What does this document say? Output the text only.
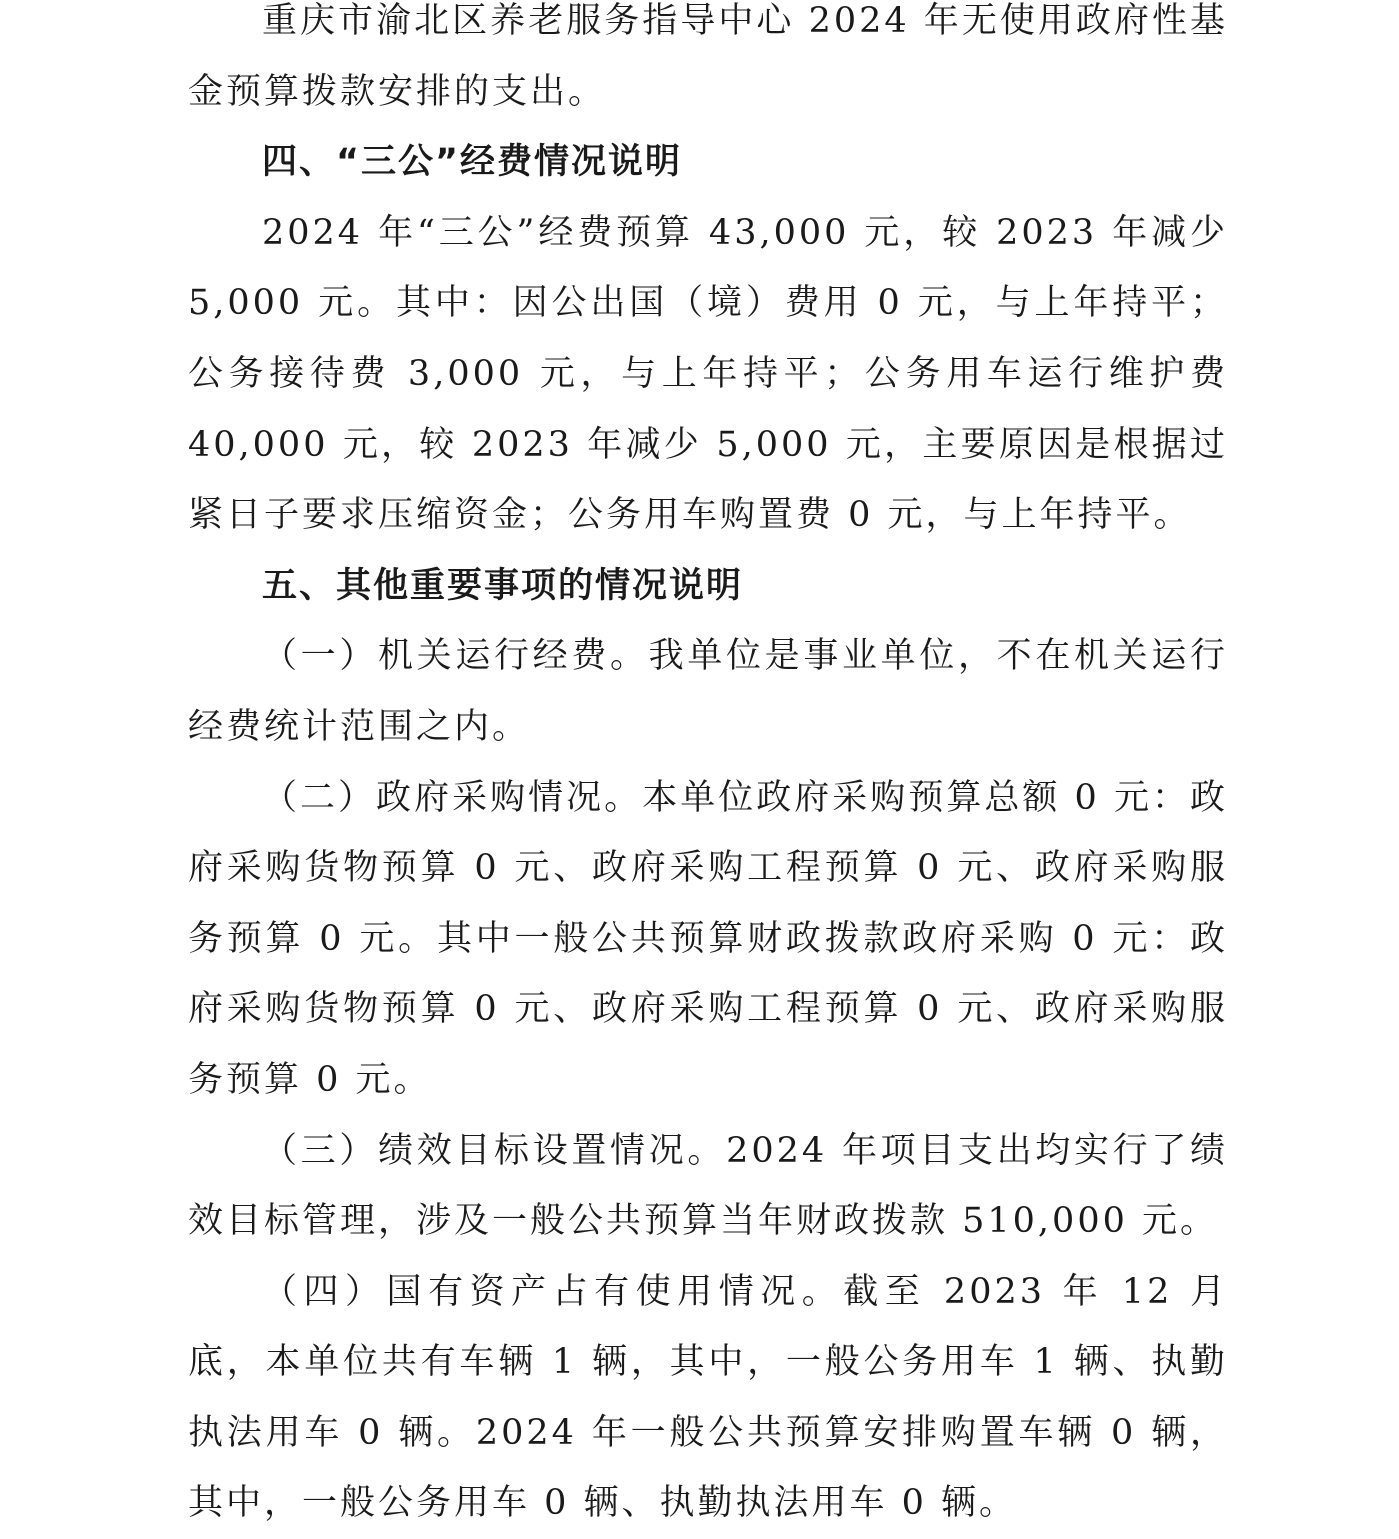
重庆市渝北区养老服务指导中心 2024 年无使用政府性基金预算拨款安排的支出。

四、“三公”经费情况说明

2024 年“三公”经费预算 43,000 元，较 2023 年减少 5,000 元。其中：因公出国（境）费用 0 元，与上年持平；公务接待费 3,000 元，与上年持平；公务用车运行维护费 40,000 元，较 2023 年减少 5,000 元，主要原因是根据过紧日子要求压缩资金；公务用车购置费 0 元，与上年持平。

五、其他重要事项的情况说明

（一）机关运行经费。我单位是事业单位，不在机关运行经费统计范围之内。

（二）政府采购情况。本单位政府采购预算总额 0 元：政府采购货物预算 0 元、政府采购工程预算 0 元、政府采购服务预算 0 元。其中一般公共预算财政拨款政府采购 0 元：政府采购货物预算 0 元、政府采购工程预算 0 元、政府采购服务预算 0 元。

（三）绩效目标设置情况。2024 年项目支出均实行了绩效目标管理，涉及一般公共预算当年财政拨款 510,000 元。

（四）国有资产占有使用情况。截至 2023 年 12 月底，本单位共有车辆 1 辆，其中，一般公务用车 1 辆、执勤执法用车 0 辆。2024 年一般公共预算安排购置车辆 0 辆，其中，一般公务用车 0 辆、执勤执法用车 0 辆。
